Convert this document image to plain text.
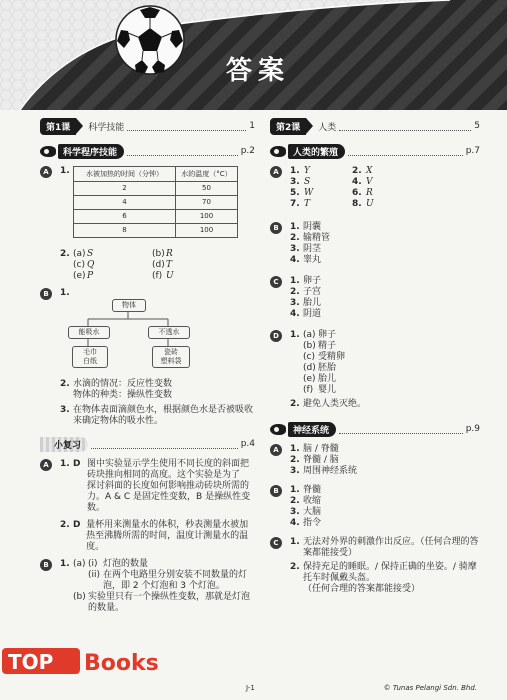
答案
第1课	科学技能	1
科学程序技能	p.2
A	1.	水被加热的时间（分钟）	水的温度（°C）
2	50
4	70
6	100
8	100
2. (a) S	(b) R
(c) Q	(d) T
(e) P	(f) U
B	1.
物体
能吸水	不透水
毛巾
白纸
瓷砖
塑料袋
2. 水滴的情况：反应性变数
物体的种类：操纵性变数
3. 在物体表面滴颜色水，根据颜色水是否被吸收
来确定物体的吸水性。
小复习	p.4
A	1. D 图中实验显示学生使用不同长度的斜面把
砖块推向相同的高度。这个实验是为了
探讨斜面的长度如何影响推动砖块所需的
力。A & C 是固定性变数，B 是操纵性变
数。
2. D 量杯用来测量水的体积，秒表测量水被加
热至沸腾所需的时间，温度计测量水的温度。
B	1. (a) (i) 灯泡的数量
(ii) 在两个电路里分别安装不同数量的灯
泡，即 2 个灯泡和 3 个灯泡。
(b) 实验里只有一个操纵性变数，那就是灯泡
的数量。
第2课	人类	5
人类的繁殖	p.7
A	1. Y	2. X
3. S	4. V
5. W	6. R
7. T	8. U
B	1. 阴囊
2. 输精管
3. 阴茎
4. 睾丸
C	1. 卵子
2. 子宫
3. 胎儿
4. 阴道
D	1. (a) 卵子
(b) 精子
(c) 受精卵
(d) 胚胎
(e) 胎儿
(f) 婴儿
2. 避免人类灭绝。
神经系统	p.9
A	1. 脑 / 脊髓
2. 脊髓 / 脑
3. 周围神经系统
B	1. 脊髓
2. 收缩
3. 大脑
4. 指令
C	1. 无法对外界的刺激作出反应。（任何合理的答
案都能接受）
2. 保持充足的睡眠。/ 保持正确的坐姿。/ 骑摩
托车时佩戴头盔。
（任何合理的答案都能接受）
TOP Books
J-1	© Tunas Pelangi Sdn. Bhd.
